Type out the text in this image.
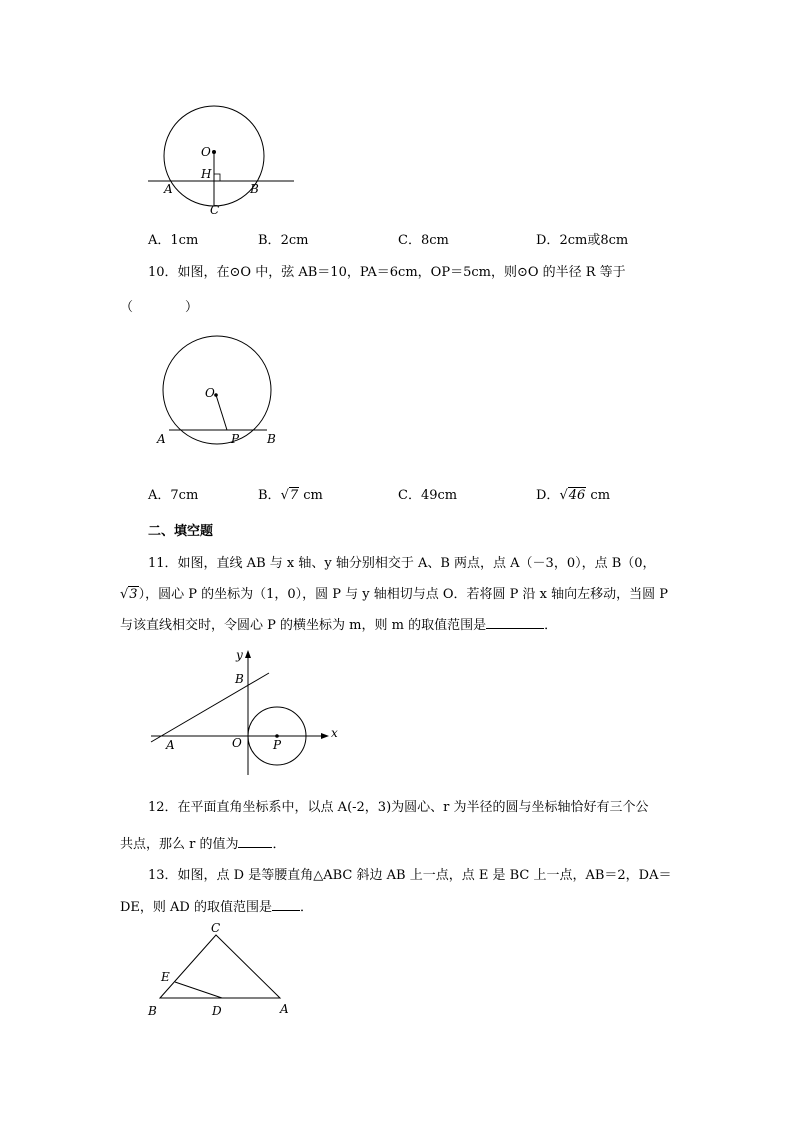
O
H
A	B
C
A．1cm	B．2cm	C．8cm	D．2cm或8cm
10．如图，在⊙O 中，弦 AB＝10，PA＝6cm，OP＝5cm，则⊙O 的半径 R 等于
（　　　　）
O
A	P B
A．7cm	B．√7 cm	C．49cm	D．√46 cm
二、填空题
11．如图，直线 AB 与 x 轴、y 轴分别相交于 A、B 两点，点 A（－3，0），点 B（0，
√3），圆心 P 的坐标为（1，0），圆 P 与 y 轴相切与点 O．若将圆 P 沿 x 轴向左移动，当圆 P
与该直线相交时，令圆心 P 的横坐标为 m，则 m 的取值范围是	．
y
x
B
A	O	P
12．在平面直角坐标系中，以点 A(-2，3)为圆心、r 为半径的圆与坐标轴恰好有三个公
共点，那么 r 的值为	．
13．如图，点 D 是等腰直角△ABC 斜边 AB 上一点，点 E 是 BC 上一点，AB＝2，DA＝
DE，则 AD 的取值范围是 ．
C
E
B	D	A
